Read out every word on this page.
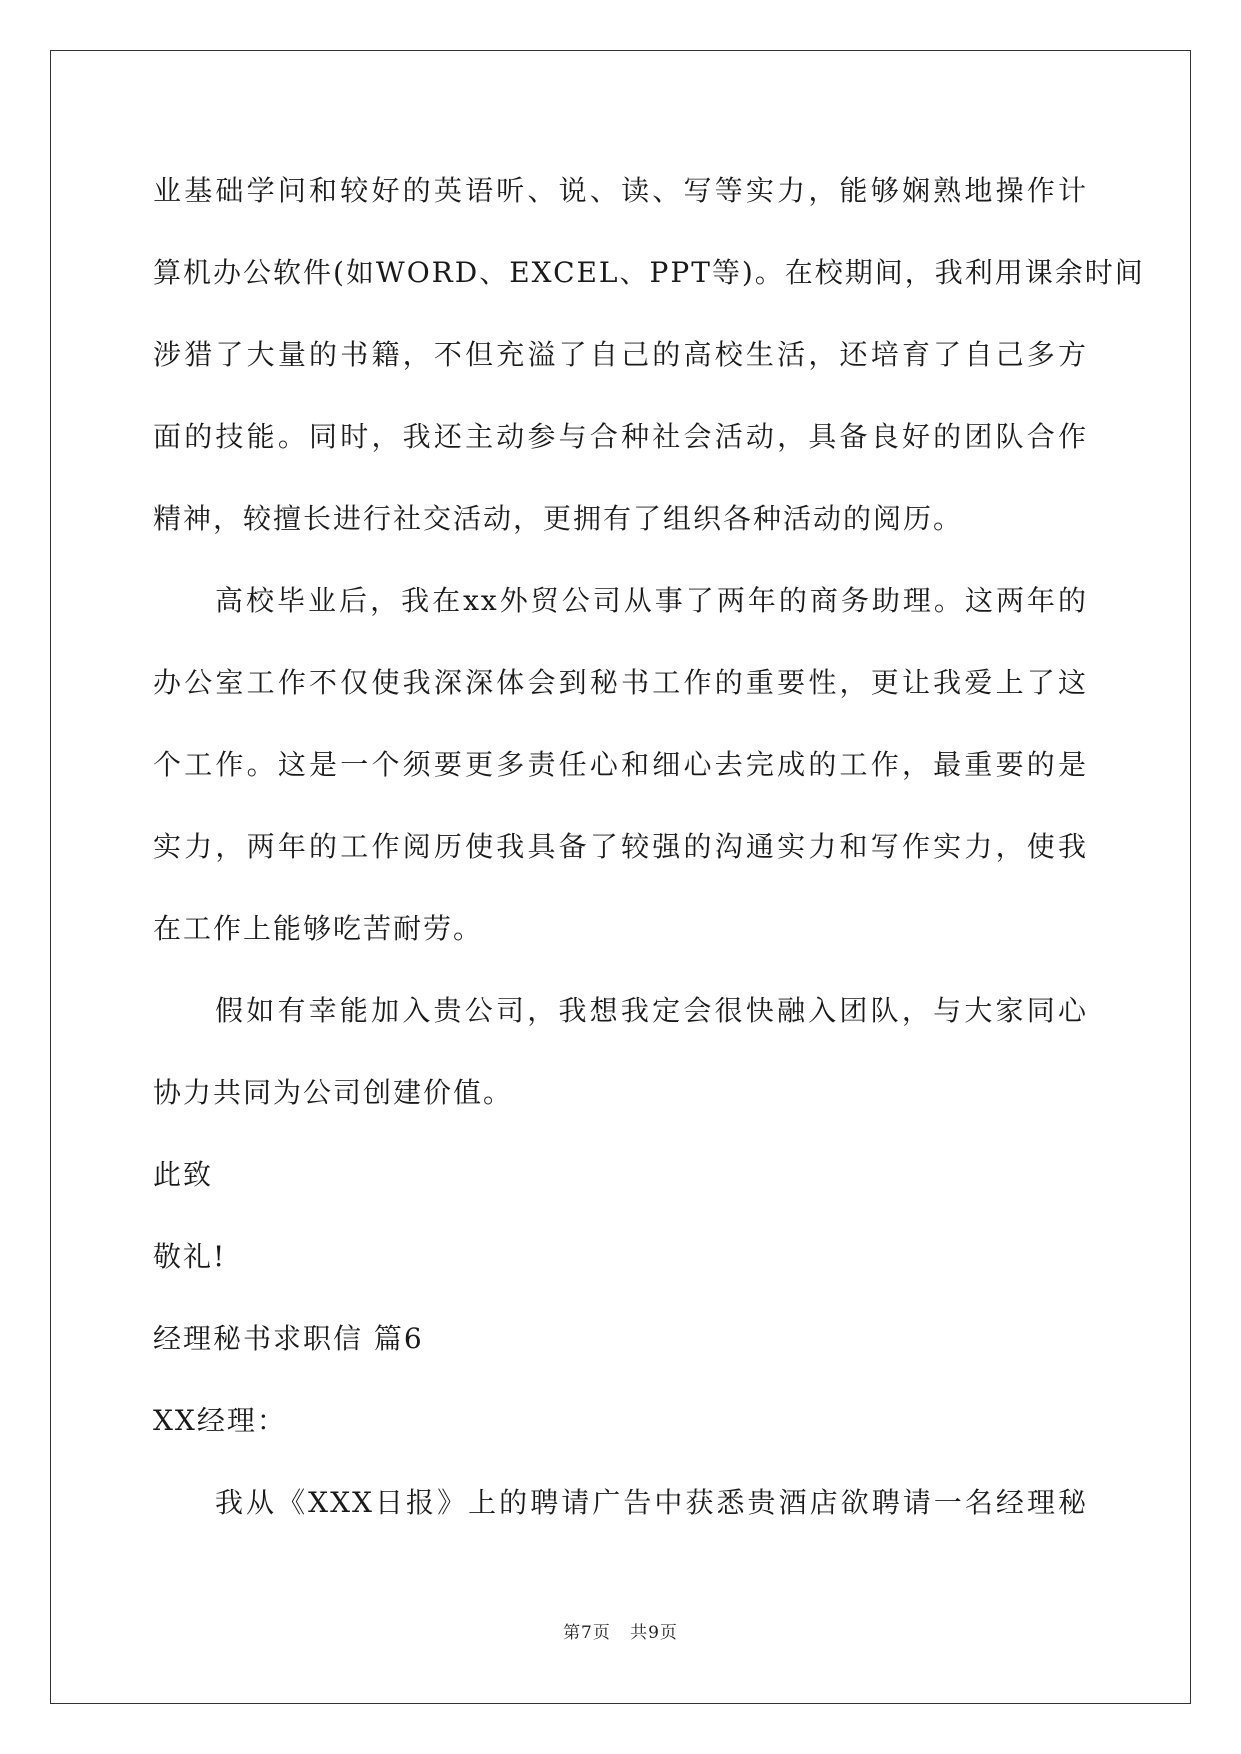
业基础学问和较好的英语听、说、读、写等实力，能够娴熟地操作计
算机办公软件(如WORD、EXCEL、PPT等)。在校期间，我利用课余时间
涉猎了大量的书籍，不但充溢了自己的高校生活，还培育了自己多方
面的技能。同时，我还主动参与合种社会活动，具备良好的团队合作
精神，较擅长进行社交活动，更拥有了组织各种活动的阅历。
高校毕业后，我在xx外贸公司从事了两年的商务助理。这两年的
办公室工作不仅使我深深体会到秘书工作的重要性，更让我爱上了这
个工作。这是一个须要更多责任心和细心去完成的工作，最重要的是
实力，两年的工作阅历使我具备了较强的沟通实力和写作实力，使我
在工作上能够吃苦耐劳。
假如有幸能加入贵公司，我想我定会很快融入团队，与大家同心
协力共同为公司创建价值。
此致
敬礼!
经理秘书求职信 篇6
XX经理：
我从《XXX日报》上的聘请广告中获悉贵酒店欲聘请一名经理秘
第7页 共9页
